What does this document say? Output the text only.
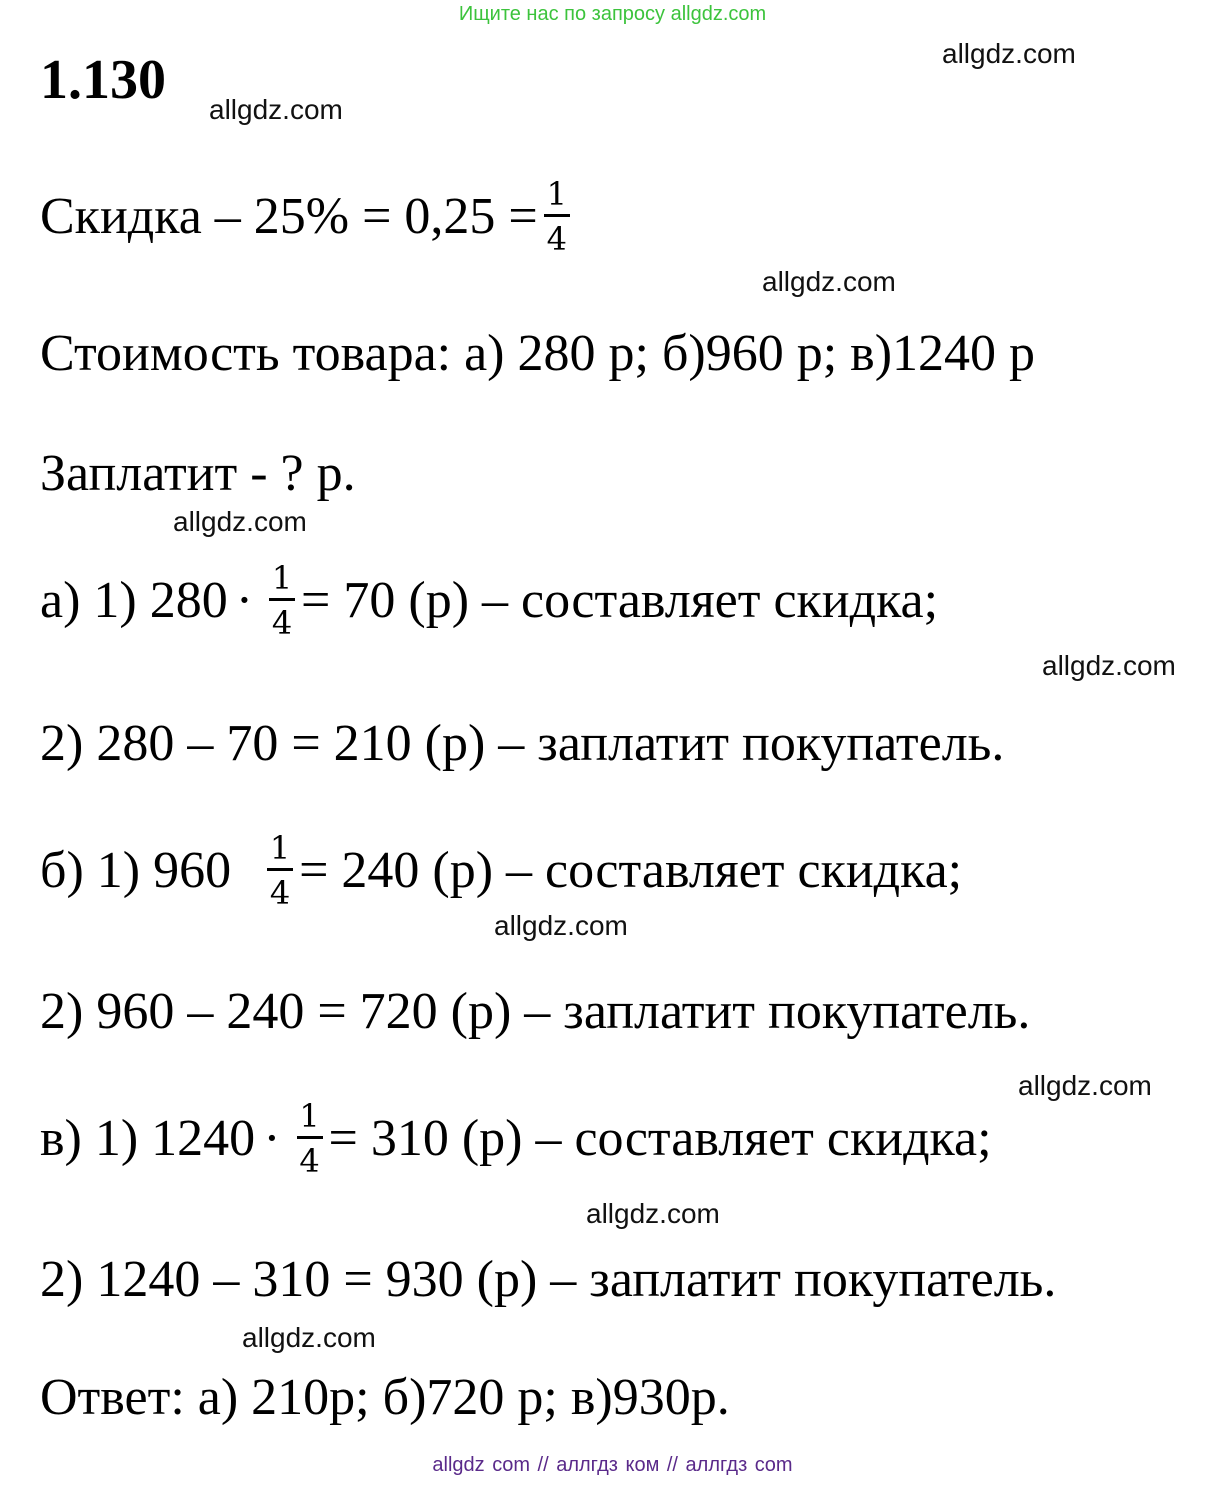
Ищите нас по запросу allgdz.com
1.130	allgdz.com
allgdz.com
allgdz.com
allgdz.com
allgdz.com
allgdz.com
allgdz.com
allgdz.com
allgdz.com
Скидка – $25\% = 0,25 = \frac{1}{4}$
Стоимость товара: а) 280 р; б)960 р; в)1240 р
Заплатит - ? р.
а) 1) $280 \cdot \frac{1}{4} = 70$ (р) – составляет скидка;
2) 280 – 70 = 210 (р) – заплатит покупатель.
б) 1) $960 \frac{1}{4} = 240$ (р) – составляет скидка;
2) 960 – 240 = 720 (р) – заплатит покупатель.
в) 1) $1240 \cdot \frac{1}{4} = 310$ (р) – составляет скидка;
2) 1240 – 310 = 930 (р) – заплатит покупатель.
Ответ: а) 210р; б)720 р; в)930р.
allgdz com // аллгдз ком // аллгдз com
